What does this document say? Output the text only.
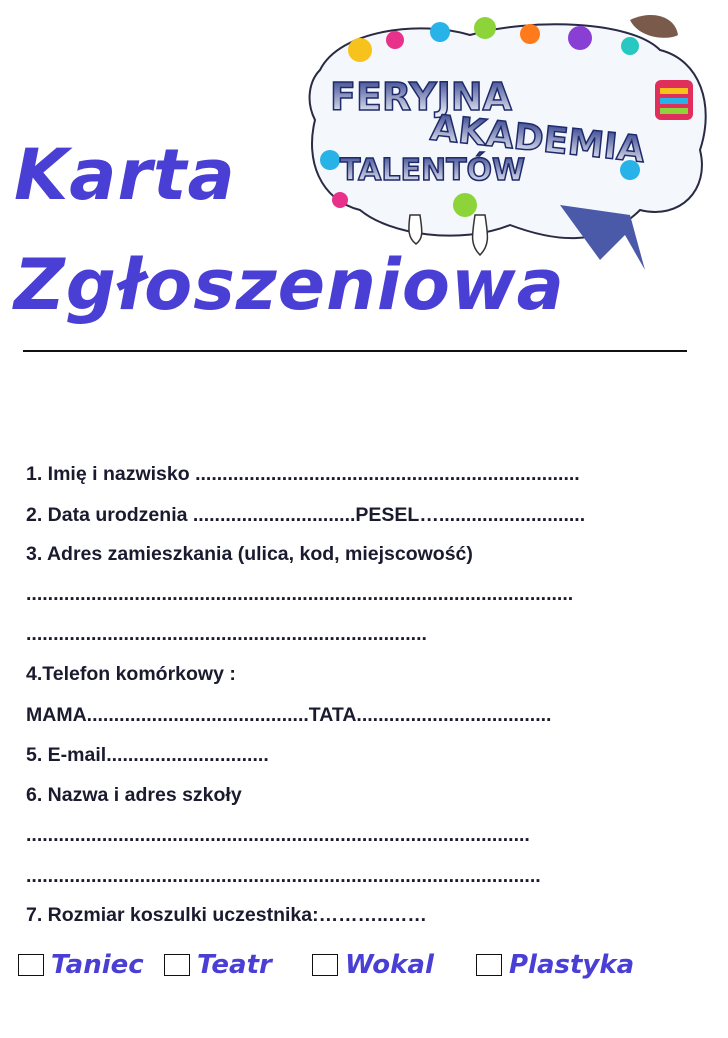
FERYJNA
AKADEMIA
TALENTÓW
Karta
Zgłoszeniowa
1. Imię i nazwisko .......................................................................
2. Data urodzenia ..............................PESEL…...........................
3. Adres zamieszkania (ulica, kod, miejscowość)
.....................................................................................................
..........................................................................
4.Telefon komórkowy :
MAMA.........................................TATA....................................
5. E-mail..............................
6. Nazwa i adres szkoły
.............................................................................................
...............................................................................................
7. Rozmiar koszulki uczestnika:………..……
Taniec Teatr	Wokal	Plastyka
